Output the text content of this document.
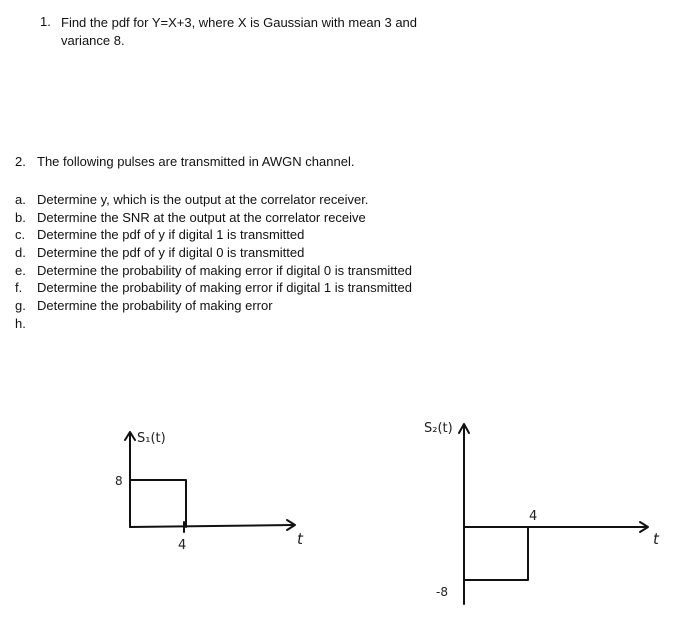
1. Find the pdf for Y=X+3, where X is Gaussian with mean 3 and
variance 8.
2. The following pulses are transmitted in AWGN channel.
a. Determine y, which is the output at the correlator receiver.
b. Determine the SNR at the output at the correlator receive
c. Determine the pdf of y if digital 1 is transmitted
d. Determine the pdf of y if digital 0 is transmitted
e. Determine the probability of making error if digital 0 is transmitted
f. Determine the probability of making error if digital 1 is transmitted
g. Determine the probability of making error
h.
S₁(t)
8
4	t
S₂(t)
-8
4
t
